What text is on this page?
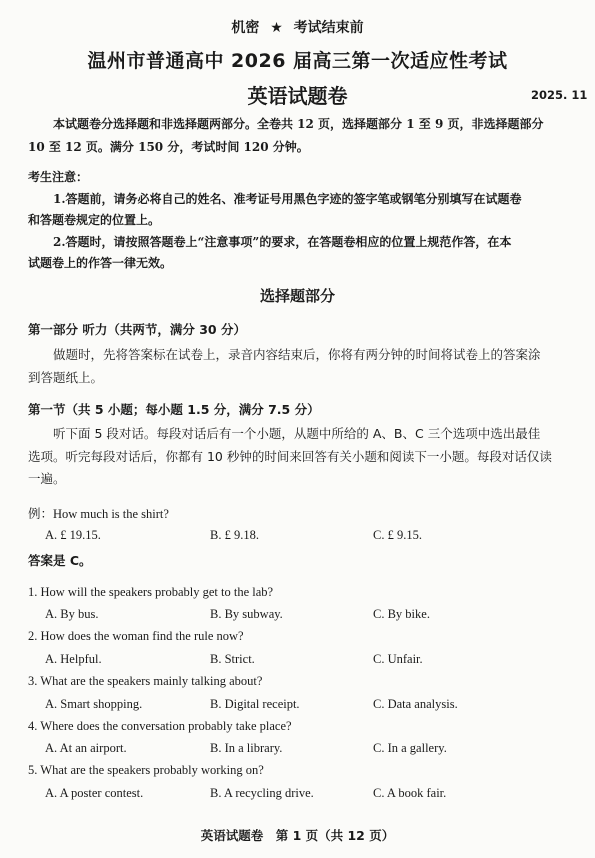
机密 ★ 考试结束前
温州市普通高中 2026 届高三第一次适应性考试
英语试题卷	2025. 11
本试题卷分选择题和非选择题两部分。全卷共 12 页，选择题部分 1 至 9 页，非选择题部分
10 至 12 页。满分 150 分，考试时间 120 分钟。
考生注意：
1.答题前，请务必将自己的姓名、准考证号用黑色字迹的签字笔或钢笔分别填写在试题卷
和答题卷规定的位置上。
2.答题时，请按照答题卷上“注意事项”的要求，在答题卷相应的位置上规范作答，在本
试题卷上的作答一律无效。
选择题部分
第一部分 听力（共两节，满分 30 分）
做题时，先将答案标在试卷上，录音内容结束后，你将有两分钟的时间将试卷上的答案涂
到答题纸上。
第一节（共 5 小题；每小题 1.5 分，满分 7.5 分）
听下面 5 段对话。每段对话后有一个小题，从题中所给的 A、B、C 三个选项中选出最佳
选项。听完每段对话后，你都有 10 秒钟的时间来回答有关小题和阅读下一小题。每段对话仅读
一遍。
例：How much is the shirt?
A. £ 19.15.	B. £ 9.18.	C. £ 9.15.
答案是 C。
1. How will the speakers probably get to the lab?
A. By bus.	B. By subway.	C. By bike.
2. How does the woman find the rule now?
A. Helpful.	B. Strict.	C. Unfair.
3. What are the speakers mainly talking about?
A. Smart shopping.	B. Digital receipt.	C. Data analysis.
4. Where does the conversation probably take place?
A. At an airport.	B. In a library.	C. In a gallery.
5. What are the speakers probably working on?
A. A poster contest.	B. A recycling drive.	C. A book fair.
英语试题卷　第 1 页（共 12 页）
